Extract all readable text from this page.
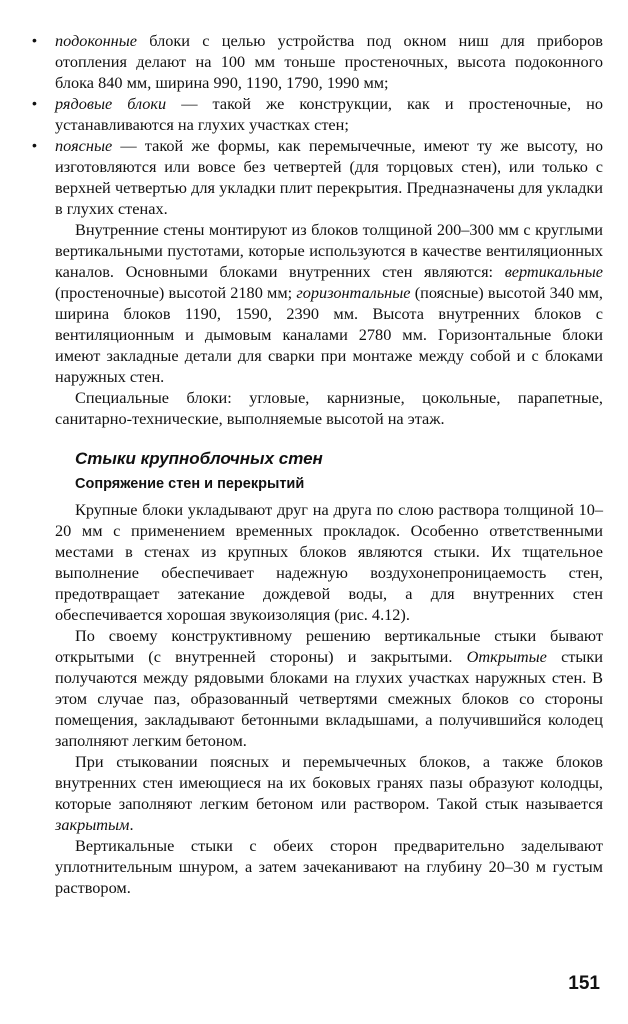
• подоконные блоки с целью устройства под окном ниш для приборов отопления делают на 100 мм тоньше простеночных, высота подоконного блока 840 мм, ширина 990, 1190, 1790, 1990 мм;
• рядовые блоки — такой же конструкции, как и простеночные, но устанавливаются на глухих участках стен;
• поясные — такой же формы, как перемычечные, имеют ту же высоту, но изготовляются или вовсе без четвертей (для торцовых стен), или только с верхней четвертью для укладки плит перекрытия. Предназначены для укладки в глухих стенах.

Внутренние стены монтируют из блоков толщиной 200–300 мм с круглыми вертикальными пустотами, которые используются в качестве вентиляционных каналов. Основными блоками внутренних стен являются: вертикальные (простеночные) высотой 2180 мм; горизонтальные (поясные) высотой 340 мм, ширина блоков 1190, 1590, 2390 мм. Высота внутренних блоков с вентиляционным и дымовым каналами 2780 мм. Горизонтальные блоки имеют закладные детали для сварки при монтаже между собой и с блоками наружных стен.

Специальные блоки: угловые, карнизные, цокольные, парапетные, санитарно-технические, выполняемые высотой на этаж.

Стыки крупноблочных стен
Сопряжение стен и перекрытий

Крупные блоки укладывают друг на друга по слою раствора толщиной 10–20 мм с применением временных прокладок. Особенно ответственными местами в стенах из крупных блоков являются стыки. Их тщательное выполнение обеспечивает надежную воздухонепроницаемость стен, предотвращает затекание дождевой воды, а для внутренних стен обеспечивается хорошая звукоизоляция (рис. 4.12).

По своему конструктивному решению вертикальные стыки бывают открытыми (с внутренней стороны) и закрытыми. Открытые стыки получаются между рядовыми блоками на глухих участках наружных стен. В этом случае паз, образованный четвертями смежных блоков со стороны помещения, закладывают бетонными вкладышами, а получившийся колодец заполняют легким бетоном.

При стыковании поясных и перемычечных блоков, а также блоков внутренних стен имеющиеся на их боковых гранях пазы образуют колодцы, которые заполняют легким бетоном или раствором. Такой стык называется закрытым.

Вертикальные стыки с обеих сторон предварительно заделывают уплотнительным шнуром, а затем зачеканивают на глубину 20–30 м густым раствором.

151
